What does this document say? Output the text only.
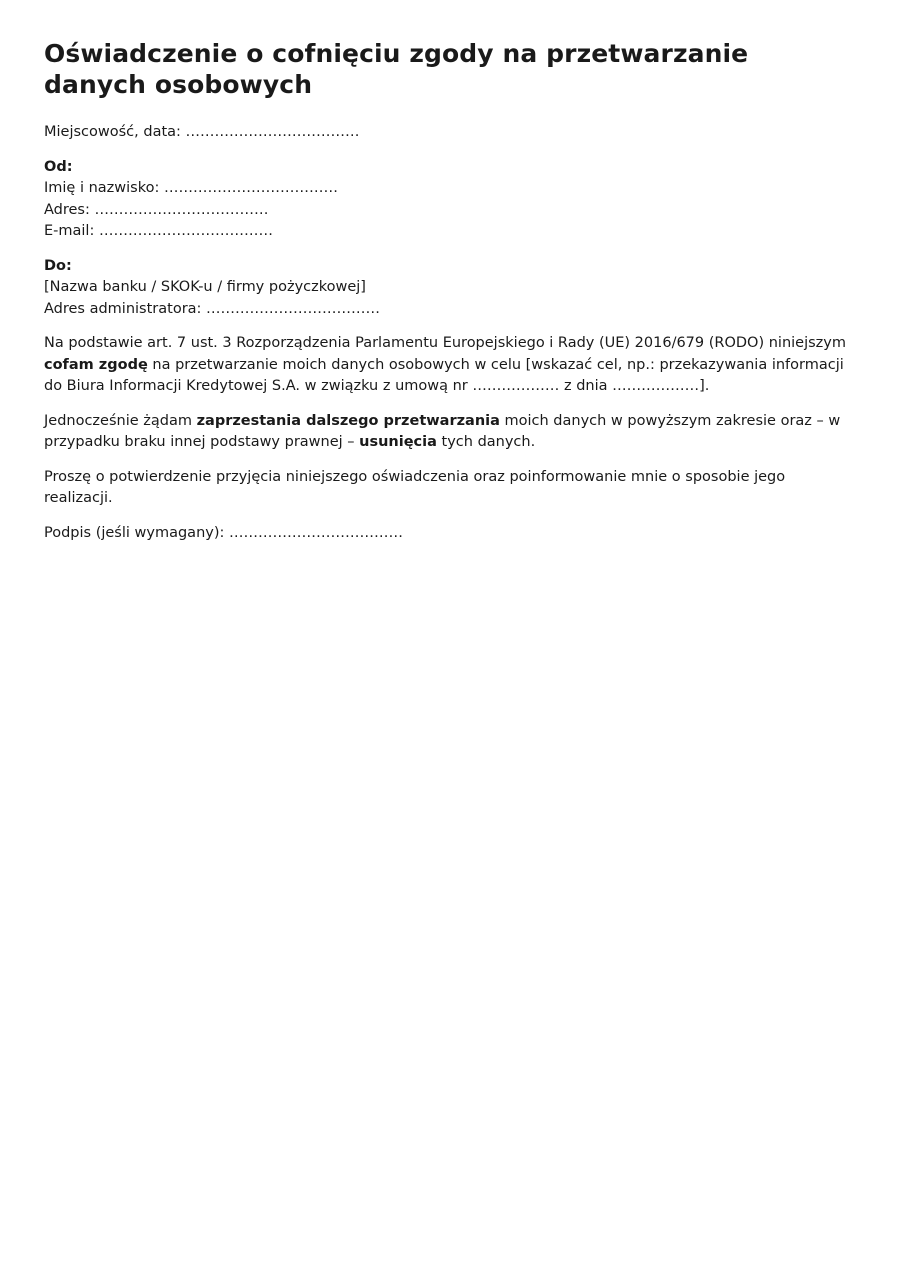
Oświadczenie o cofnięciu zgody na przetwarzanie danych osobowych

Miejscowość, data: ………………………………

Od:

Imię i nazwisko: ………………………………

Adres: ………………………………

E-mail: ………………………………

Do:

[Nazwa banku / SKOK-u / firmy pożyczkowej]

Adres administratora: ………………………………

Na podstawie art. 7 ust. 3 Rozporządzenia Parlamentu Europejskiego i Rady (UE) 2016/679 (RODO) niniejszym cofam zgodę na przetwarzanie moich danych osobowych w celu [wskazać cel, np.: przekazywania informacji do Biura Informacji Kredytowej S.A. w związku z umową nr ……………… z dnia ………………].

Jednocześnie żądam zaprzestania dalszego przetwarzania moich danych w powyższym zakresie oraz – w przypadku braku innej podstawy prawnej – usunięcia tych danych.

Proszę o potwierdzenie przyjęcia niniejszego oświadczenia oraz poinformowanie mnie o sposobie jego realizacji.

Podpis (jeśli wymagany): ………………………………
